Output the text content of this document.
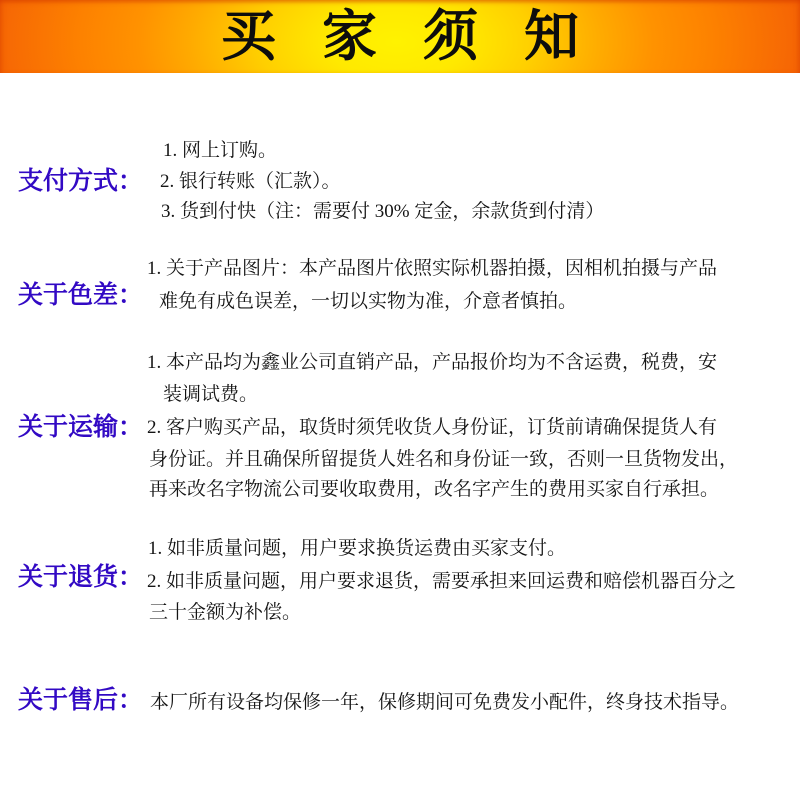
买家须知
支付方式：
1. 网上订购。
2. 银行转账（汇款）。
3. 货到付快（注：需要付 30% 定金，余款货到付清）
关于色差：
1. 关于产品图片：本产品图片依照实际机器拍摄，因相机拍摄与产品
难免有成色误差，一切以实物为准，介意者慎拍。
关于运输：
1. 本产品均为鑫业公司直销产品，产品报价均为不含运费，税费，安
装调试费。
2. 客户购买产品，取货时须凭收货人身份证，订货前请确保提货人有
身份证。并且确保所留提货人姓名和身份证一致，否则一旦货物发出，
再来改名字物流公司要收取费用，改名字产生的费用买家自行承担。
关于退货：
1. 如非质量问题，用户要求换货运费由买家支付。
2. 如非质量问题，用户要求退货，需要承担来回运费和赔偿机器百分之
三十金额为补偿。
关于售后： 本厂所有设备均保修一年，保修期间可免费发小配件，终身技术指导。
